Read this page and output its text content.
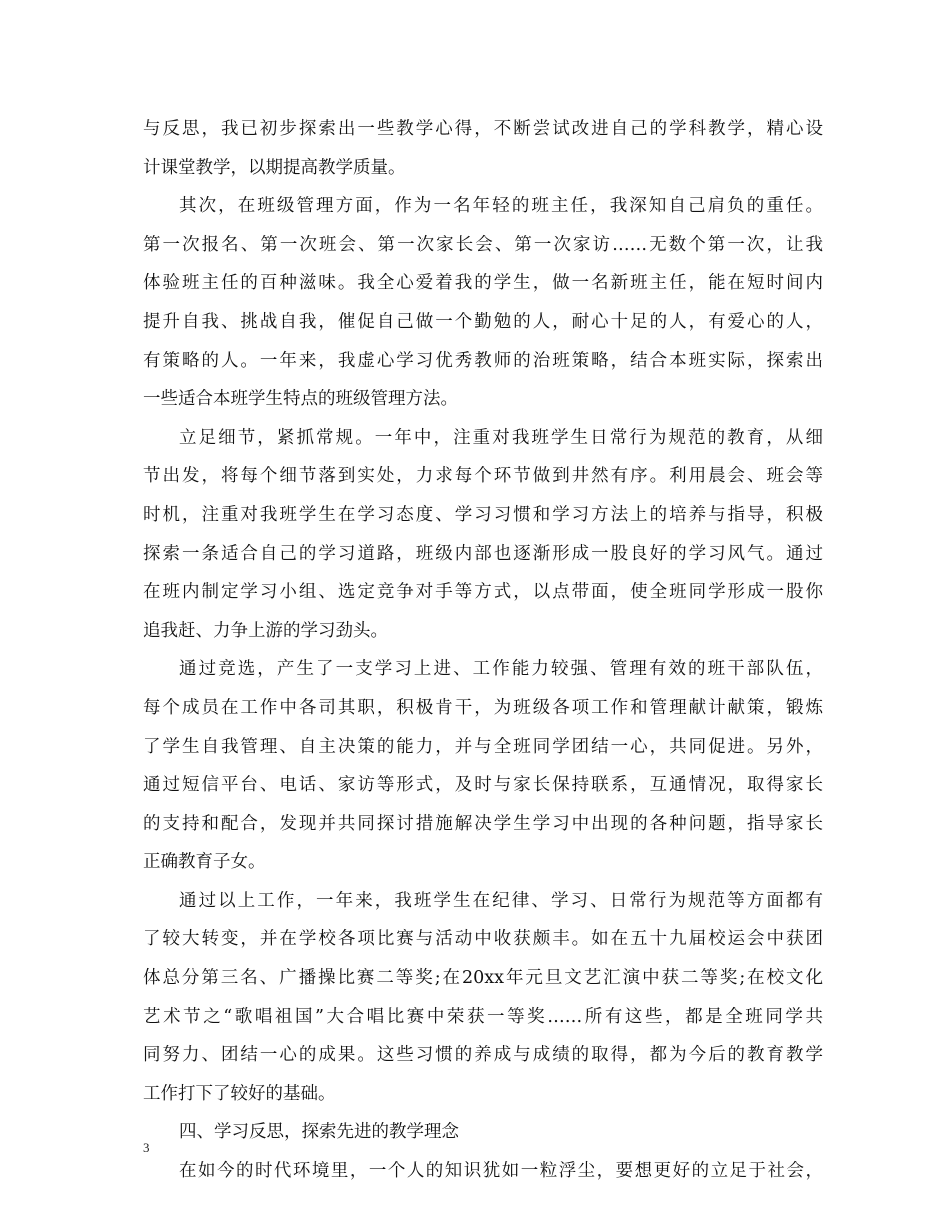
与反思，我已初步探索出一些教学心得，不断尝试改进自己的学科教学，精心设
计课堂教学，以期提高教学质量。
其次，在班级管理方面，作为一名年轻的班主任，我深知自己肩负的重任。
第一次报名、第一次班会、第一次家长会、第一次家访……无数个第一次，让我
体验班主任的百种滋味。我全心爱着我的学生，做一名新班主任，能在短时间内
提升自我、挑战自我，催促自己做一个勤勉的人，耐心十足的人，有爱心的人，
有策略的人。一年来，我虚心学习优秀教师的治班策略，结合本班实际，探索出
一些适合本班学生特点的班级管理方法。
立足细节，紧抓常规。一年中，注重对我班学生日常行为规范的教育，从细
节出发，将每个细节落到实处，力求每个环节做到井然有序。利用晨会、班会等
时机，注重对我班学生在学习态度、学习习惯和学习方法上的培养与指导，积极
探索一条适合自己的学习道路，班级内部也逐渐形成一股良好的学习风气。通过
在班内制定学习小组、选定竞争对手等方式，以点带面，使全班同学形成一股你
追我赶、力争上游的学习劲头。
通过竞选，产生了一支学习上进、工作能力较强、管理有效的班干部队伍，
每个成员在工作中各司其职，积极肯干，为班级各项工作和管理献计献策，锻炼
了学生自我管理、自主决策的能力，并与全班同学团结一心，共同促进。另外，
通过短信平台、电话、家访等形式，及时与家长保持联系，互通情况，取得家长
的支持和配合，发现并共同探讨措施解决学生学习中出现的各种问题，指导家长
正确教育子女。
通过以上工作，一年来，我班学生在纪律、学习、日常行为规范等方面都有
了较大转变，并在学校各项比赛与活动中收获颇丰。如在五十九届校运会中获团
体总分第三名、广播操比赛二等奖;在20xx年元旦文艺汇演中获二等奖;在校文化
艺术节之“歌唱祖国”大合唱比赛中荣获一等奖……所有这些，都是全班同学共
同努力、团结一心的成果。这些习惯的养成与成绩的取得，都为今后的教育教学
工作打下了较好的基础。
四、学习反思，探索先进的教学理念
在如今的时代环境里，一个人的知识犹如一粒浮尘，要想更好的立足于社会，
3
